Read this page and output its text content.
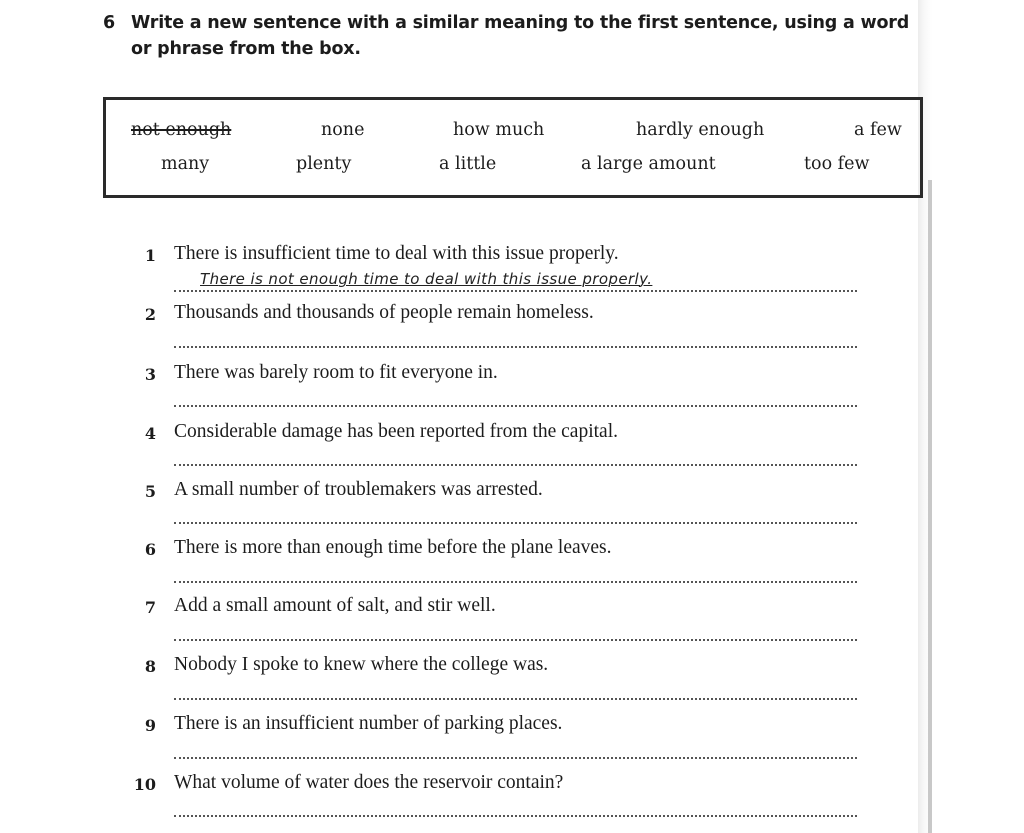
6 Write a new sentence with a similar meaning to the first sentence, using a word or phrase from the box.
not enough	none	how much	hardly enough	a few
many	plenty	a little	a large amount	too few
1 There is insufficient time to deal with this issue properly.
There is not enough time to deal with this issue properly.
2 Thousands and thousands of people remain homeless.
3 There was barely room to fit everyone in.
4 Considerable damage has been reported from the capital.
5 A small number of troublemakers was arrested.
6 There is more than enough time before the plane leaves.
7 Add a small amount of salt, and stir well.
8 Nobody I spoke to knew where the college was.
9 There is an insufficient number of parking places.
10 What volume of water does the reservoir contain?
